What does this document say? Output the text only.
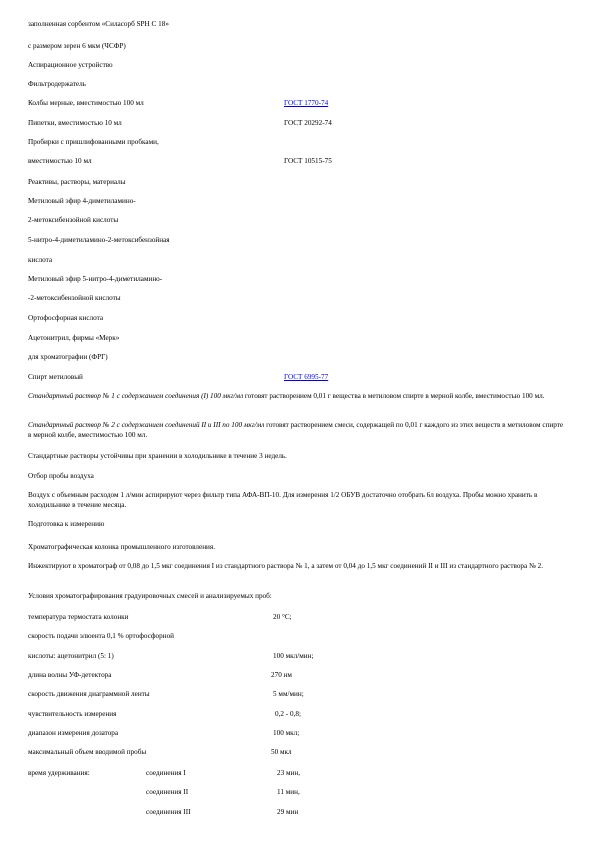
заполненная сорбентом «Силасорб SPH C 18»
с размером зерен 6 мкм (ЧСФР)
Аспирационное устройство
Фильтродержатель
Колбы мерные, вместимостью 100 мл	ГОСТ 1770-74
Пипетки, вместимостью 10 мл	ГОСТ 20292-74
Пробирки с пришлифованными пробками,
вместимостью 10 мл	ГОСТ 10515-75
Реактивы, растворы, материалы
Метиловый эфир 4-диметиламино-
2-метоксибензойной кислоты
5-нитро-4-диметиламино-2-метоксибензойная
кислота
Метиловый эфир 5-нитро-4-диметиламино-
-2-метоксибензойной кислоты
Ортофосфорная кислота
Ацетонитрил, фирмы «Мерк»
для хроматографии (ФРГ)
Спирт метиловый	ГОСТ 6995-77
Стандартный раствор № 1 с содержанием соединения (I) 100 мкг/мл готовят растворением 0,01 г вещества в метиловом спирте в мерной колбе, вместимостью 100 мл.
Стандартный раствор № 2 с содержанием соединений II и III по 100 мкг/мл готовят растворением смеси, содержащей по 0,01 г каждого из этих веществ в метиловом спирте в мерной колбе, вместимостью 100 мл.
Стандартные растворы устойчивы при хранении в холодильнике в течение 3 недель.
Отбор пробы воздуха
Воздух с объемным расходом 1 л/мин аспирируют через фильтр типа АФА-ВП-10. Для измерения 1/2 ОБУВ достаточно отобрать 6л воздуха. Пробы можно хранить в холодильнике в течение месяца.
Подготовка к измерению
Хроматографическая колонка промышленного изготовления.
Инжектируют в хроматограф от 0,08 до 1,5 мкг соединения I из стандартного раствора № 1, а затем от 0,04 до 1,5 мкг соединений II и III из стандартного раствора № 2.
Условия хроматографирования градуировочных смесей и анализируемых проб:
температура термостата колонки	20 °С;
скорость подачи элюента 0,1 % ортофосфорной
кислоты: ацетонитрил (5: 1)	100 мкл/мин;
длина волны УФ-детектора	270 нм
скорость движения диаграммной ленты	5 мм/мин;
чувствительность измерения	0,2 - 0,8;
диапазон измерения дозатора	100 мкл;
максимальный объем вводимой пробы	50 мкл
время удерживания:	соединения I	23 мин,
соединения II	11 мин,
соединения III	29 мин
